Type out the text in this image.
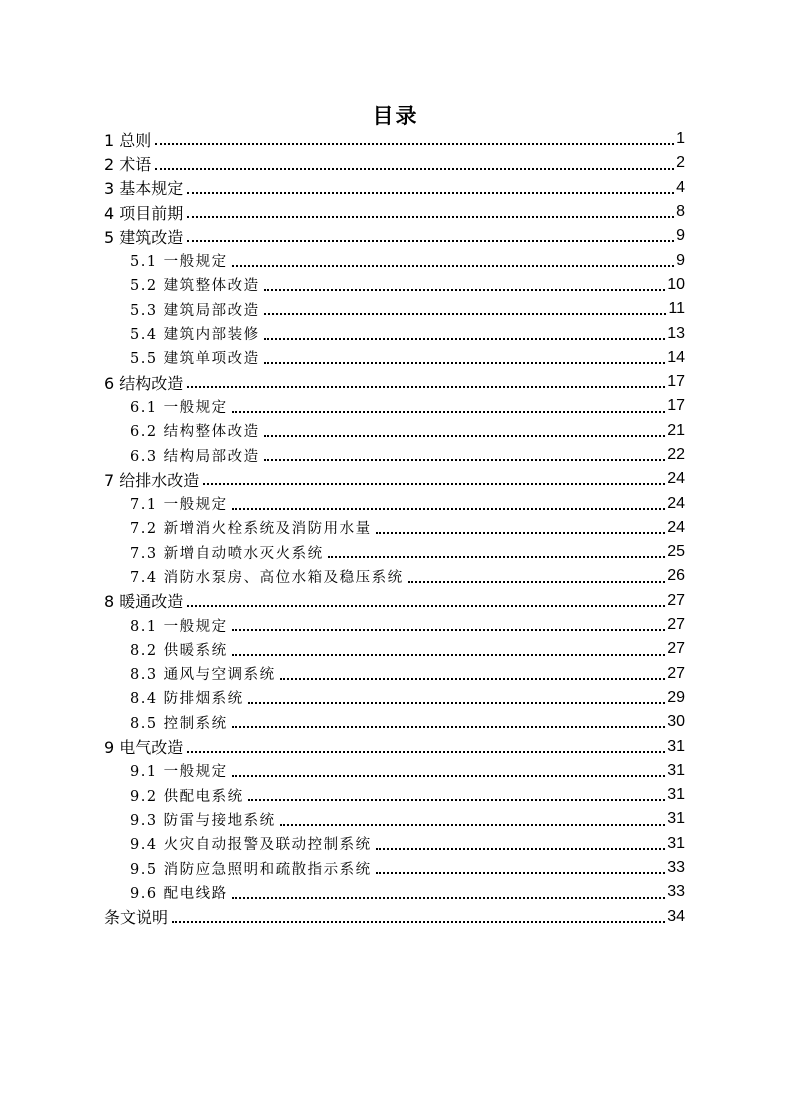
目录
1 总则	1
2 术语	2
3 基本规定	4
4 项目前期	8
5 建筑改造	9
5.1 一般规定	9
5.2 建筑整体改造	10
5.3 建筑局部改造	11
5.4 建筑内部装修	13
5.5 建筑单项改造	14
6 结构改造	17
6.1 一般规定	17
6.2 结构整体改造	21
6.3 结构局部改造	22
7 给排水改造	24
7.1 一般规定	24
7.2 新增消火栓系统及消防用水量	24
7.3 新增自动喷水灭火系统	25
7.4 消防水泵房、高位水箱及稳压系统	26
8 暖通改造	27
8.1 一般规定	27
8.2 供暖系统	27
8.3 通风与空调系统	27
8.4 防排烟系统	29
8.5 控制系统	30
9 电气改造	31
9.1 一般规定	31
9.2 供配电系统	31
9.3 防雷与接地系统	31
9.4 火灾自动报警及联动控制系统	31
9.5 消防应急照明和疏散指示系统	33
9.6 配电线路	33
条文说明	34
